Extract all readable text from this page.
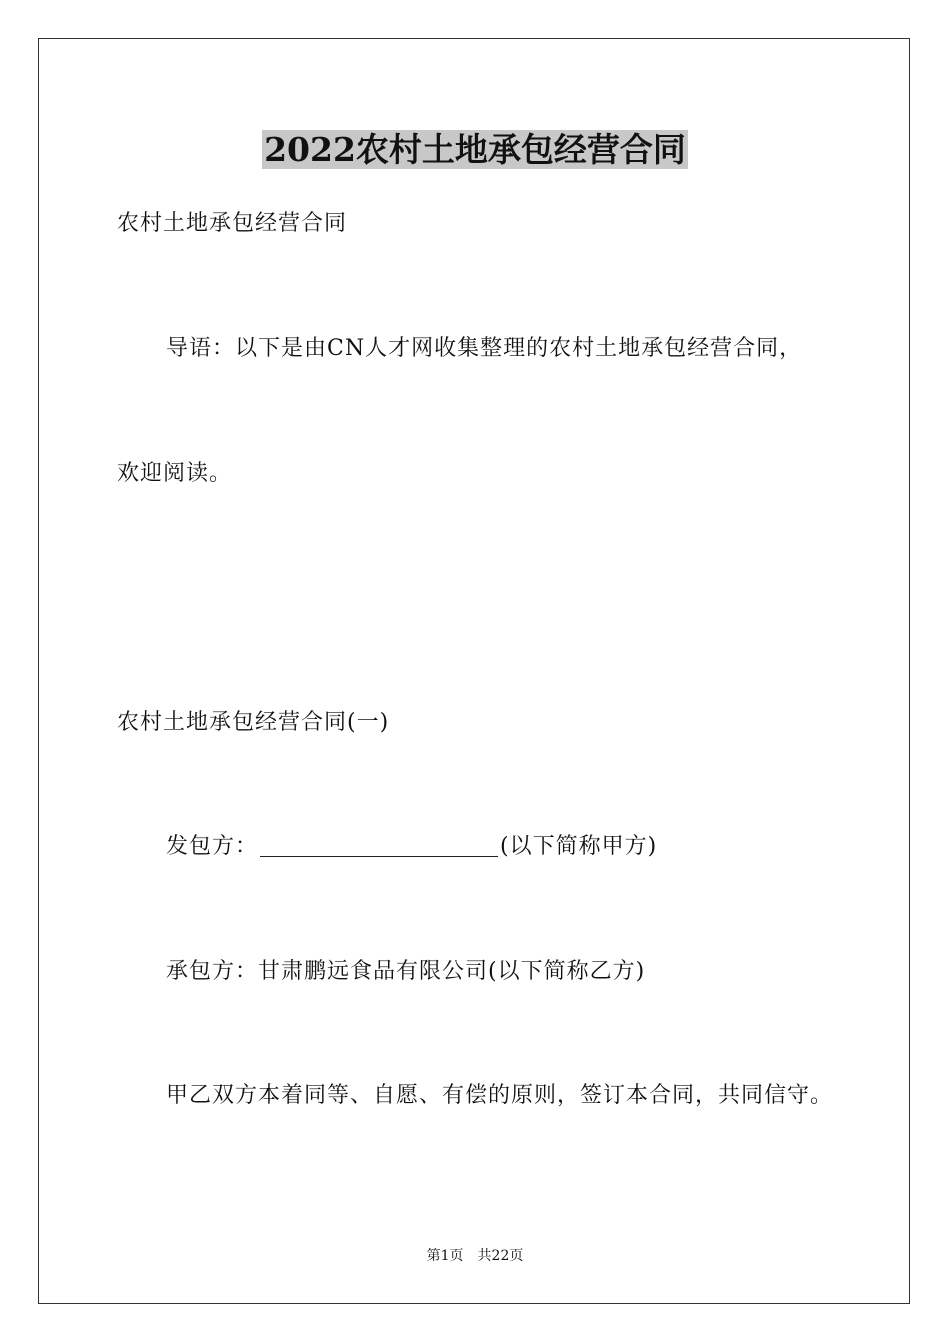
2022农村土地承包经营合同
农村土地承包经营合同
导语：以下是由CN人才网收集整理的农村土地承包经营合同，
欢迎阅读。
农村土地承包经营合同(一)
发包方：	(以下简称甲方)
承包方：甘肃鹏远食品有限公司(以下简称乙方)
甲乙双方本着同等、自愿、有偿的原则，签订本合同，共同信守。
第1页 共22页
